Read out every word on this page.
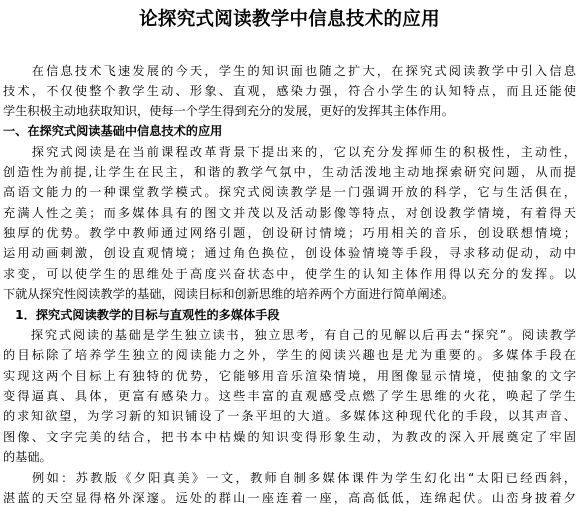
论探究式阅读教学中信息技术的应用
　　在信息技术飞速发展的今天，学生的知识面也随之扩大，在探究式阅读教学中引入信息
技术，不仅使整个教学生动、形象、直观，感染力强，符合小学生的认知特点，而且还能使
学生积极主动地获取知识，使每一个学生得到充分的发展，更好的发挥其主体作用。
一、在探究式阅读基础中信息技术的应用
　　探究式阅读是在当前课程改革背景下提出来的，它以充分发挥师生的积极性，主动性，
创造性为前提,让学生在民主，和谐的教学气氛中，生动活泼地主动地探索研究问题，从而提
高语文能力的一种课堂教学模式。探究式阅读教学是一门强调开放的科学，它与生活俱在，
充满人性之美；而多媒体具有的图文并茂以及活动影像等特点，对创设教学情境，有着得天
独厚的优势。教学中教师通过网络引题，创设研讨情境；巧用相关的音乐，创设联想情境；
运用动画刺激，创设直观情境；通过角色换位，创设体验情境等手段，寻求移动促动，动中
求变，可以使学生的思维处于高度兴奋状态中，使学生的认知主体作用得以充分的发挥。以
下就从探究性阅读教学的基础，阅读目标和创新思维的培养两个方面进行简单阐述。
　1．探究式阅读教学的目标与直观性的多媒体手段
　　探究式阅读的基础是学生独立读书，独立思考，有自己的见解以后再去“探究”。阅读教学
的目标除了培养学生独立的阅读能力之外，学生的阅读兴趣也是尤为重要的。多媒体手段在
实现这两个目标上有独特的优势，它能够用音乐渲染情境，用图像显示情境，使抽象的文字
变得逼真、具体，更富有感染力。这些丰富的直观感受点燃了学生思维的火花，唤起了学生
的求知欲望，为学习新的知识铺设了一条平坦的大道。多媒体这种现代化的手段，以其声音、
图像、文字完美的结合，把书本中枯燥的知识变得形象生动，为教改的深入开展奠定了牢固
的基础。
　　例如：苏教版《夕阳真美》一文，教师自制多媒体课件为学生幻化出“太阳已经西斜，
湛蓝的天空显得格外深邃。远处的群山一座连着一座，高高低低，连绵起伏。山峦身披着夕
